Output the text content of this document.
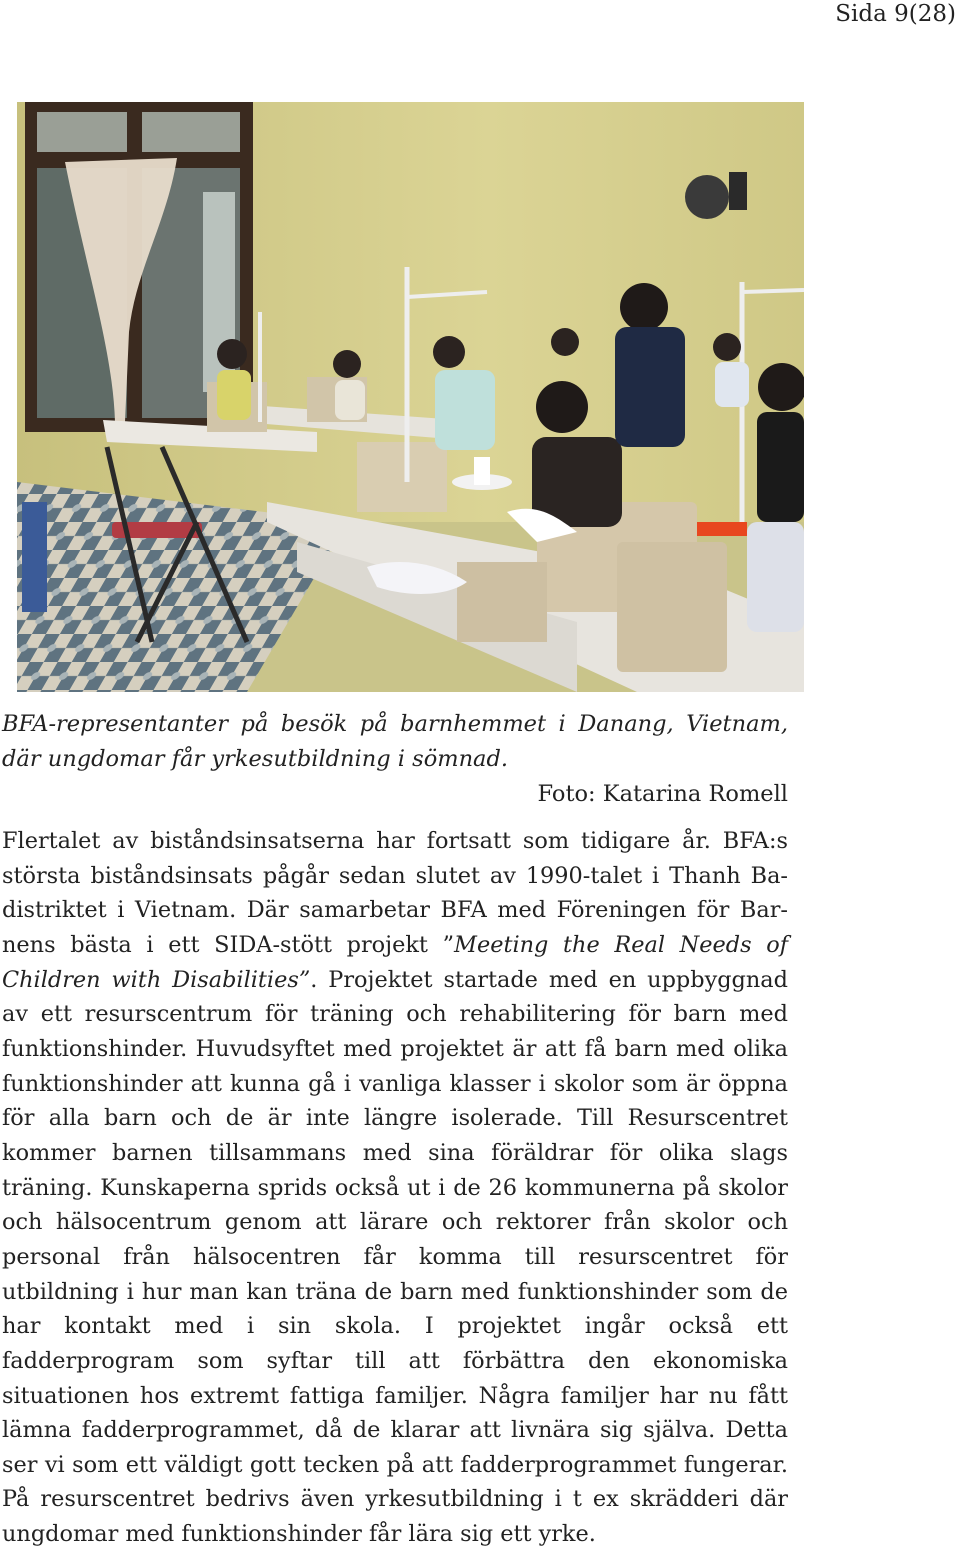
Sida 9(28)
BFA-representanter på besök på barnhemmet i Danang, Vietnam, där ungdomar får yrkesutbildning i sömnad.
Foto: Katarina Romell
Flertalet av biståndsinsatserna har fortsatt som tidigare år. BFA:s största biståndsinsats pågår sedan slutet av 1990-talet i Thanh Ba-distriktet i Vietnam. Där samarbetar BFA med Föreningen för Barnens bästa i ett SIDA-stött projekt ”Meeting the Real Needs of Children with Disabilities”. Projektet startade med en uppbyggnad av ett resurscentrum för träning och rehabilitering för barn med funktionshinder. Huvudsyftet med projektet är att få barn med olika funktionshinder att kunna gå i vanliga klasser i skolor som är öppna för alla barn och de är inte längre isolerade. Till Resurscentret kommer barnen tillsammans med sina föräldrar för olika slags träning. Kunskaperna sprids också ut i de 26 kommunerna på skolor och hälsocentrum genom att lärare och rektorer från skolor och personal från hälsocentren får komma till resurscentret för utbildning i hur man kan träna de barn med funktionshinder som de har kontakt med i sin skola. I projektet ingår också ett fadderprogram som syftar till att förbättra den ekonomiska situationen hos extremt fattiga familjer. Några familjer har nu fått lämna fadderprogrammet, då de klarar att livnära sig själva. Detta ser vi som ett väldigt gott tecken på att fadderprogrammet fungerar. På resurscentret bedrivs även yrkesutbildning i t ex skrädderi där ungdomar med funktionshinder får lära sig ett yrke.
